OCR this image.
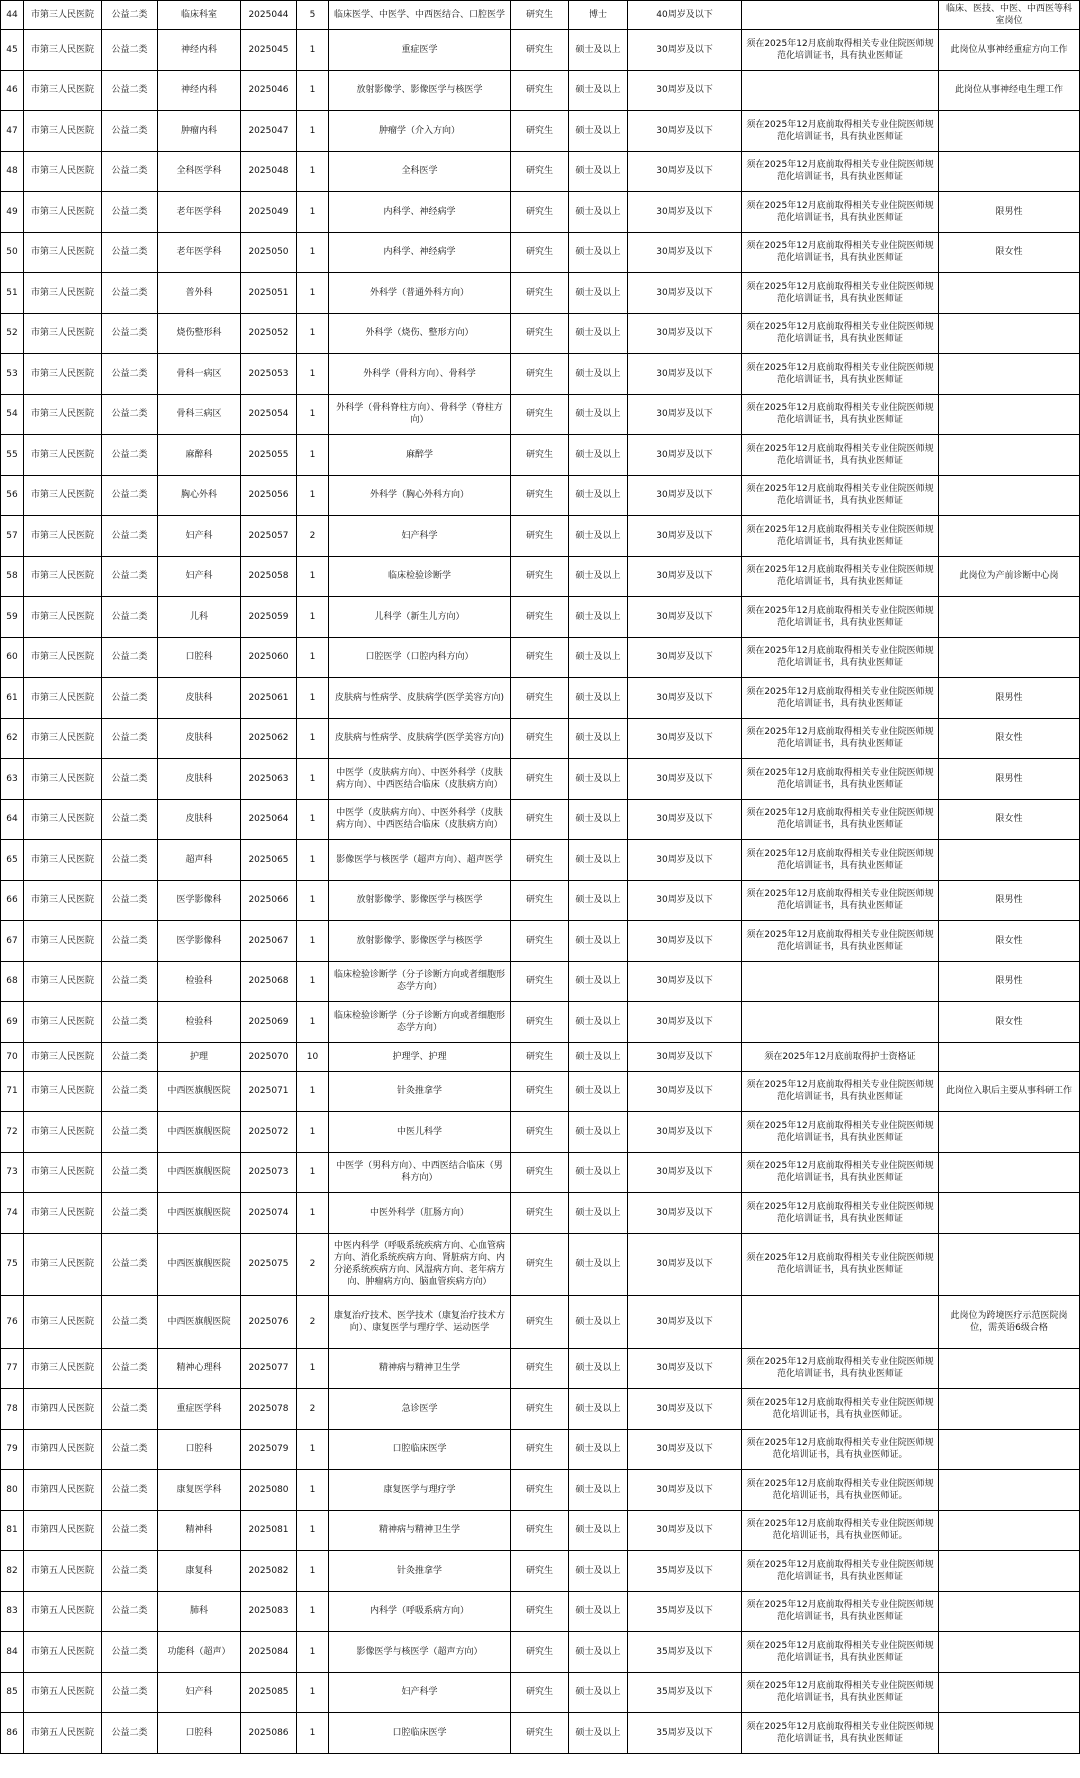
44	市第三人民医院	公益二类	临床科室	2025044	5	临床医学、中医学、中西医结合、口腔医学	研究生	博士	40周岁及以下		临床、医技、中医、中西医等科室岗位
45	市第三人民医院	公益二类	神经内科	2025045	1	重症医学	研究生	硕士及以上	30周岁及以下	须在2025年12月底前取得相关专业住院医师规范化培训证书，具有执业医师证	此岗位从事神经重症方向工作
46	市第三人民医院	公益二类	神经内科	2025046	1	放射影像学、影像医学与核医学	研究生	硕士及以上	30周岁及以下		此岗位从事神经电生理工作
47	市第三人民医院	公益二类	肿瘤内科	2025047	1	肿瘤学（介入方向）	研究生	硕士及以上	30周岁及以下	须在2025年12月底前取得相关专业住院医师规范化培训证书，具有执业医师证	
48	市第三人民医院	公益二类	全科医学科	2025048	1	全科医学	研究生	硕士及以上	30周岁及以下	须在2025年12月底前取得相关专业住院医师规范化培训证书，具有执业医师证	
49	市第三人民医院	公益二类	老年医学科	2025049	1	内科学、神经病学	研究生	硕士及以上	30周岁及以下	须在2025年12月底前取得相关专业住院医师规范化培训证书，具有执业医师证	限男性
50	市第三人民医院	公益二类	老年医学科	2025050	1	内科学、神经病学	研究生	硕士及以上	30周岁及以下	须在2025年12月底前取得相关专业住院医师规范化培训证书，具有执业医师证	限女性
51	市第三人民医院	公益二类	普外科	2025051	1	外科学（普通外科方向）	研究生	硕士及以上	30周岁及以下	须在2025年12月底前取得相关专业住院医师规范化培训证书，具有执业医师证	
52	市第三人民医院	公益二类	烧伤整形科	2025052	1	外科学（烧伤、整形方向）	研究生	硕士及以上	30周岁及以下	须在2025年12月底前取得相关专业住院医师规范化培训证书，具有执业医师证	
53	市第三人民医院	公益二类	骨科一病区	2025053	1	外科学（骨科方向）、骨科学	研究生	硕士及以上	30周岁及以下	须在2025年12月底前取得相关专业住院医师规范化培训证书，具有执业医师证	
54	市第三人民医院	公益二类	骨科三病区	2025054	1	外科学（骨科脊柱方向）、骨科学（脊柱方向）	研究生	硕士及以上	30周岁及以下	须在2025年12月底前取得相关专业住院医师规范化培训证书，具有执业医师证	
55	市第三人民医院	公益二类	麻醉科	2025055	1	麻醉学	研究生	硕士及以上	30周岁及以下	须在2025年12月底前取得相关专业住院医师规范化培训证书，具有执业医师证	
56	市第三人民医院	公益二类	胸心外科	2025056	1	外科学（胸心外科方向）	研究生	硕士及以上	30周岁及以下	须在2025年12月底前取得相关专业住院医师规范化培训证书，具有执业医师证	
57	市第三人民医院	公益二类	妇产科	2025057	2	妇产科学	研究生	硕士及以上	30周岁及以下	须在2025年12月底前取得相关专业住院医师规范化培训证书，具有执业医师证	
58	市第三人民医院	公益二类	妇产科	2025058	1	临床检验诊断学	研究生	硕士及以上	30周岁及以下	须在2025年12月底前取得相关专业住院医师规范化培训证书，具有执业医师证	此岗位为产前诊断中心岗
59	市第三人民医院	公益二类	儿科	2025059	1	儿科学（新生儿方向）	研究生	硕士及以上	30周岁及以下	须在2025年12月底前取得相关专业住院医师规范化培训证书，具有执业医师证	
60	市第三人民医院	公益二类	口腔科	2025060	1	口腔医学（口腔内科方向）	研究生	硕士及以上	30周岁及以下	须在2025年12月底前取得相关专业住院医师规范化培训证书，具有执业医师证	
61	市第三人民医院	公益二类	皮肤科	2025061	1	皮肤病与性病学、皮肤病学(医学美容方向)	研究生	硕士及以上	30周岁及以下	须在2025年12月底前取得相关专业住院医师规范化培训证书，具有执业医师证	限男性
62	市第三人民医院	公益二类	皮肤科	2025062	1	皮肤病与性病学、皮肤病学(医学美容方向)	研究生	硕士及以上	30周岁及以下	须在2025年12月底前取得相关专业住院医师规范化培训证书，具有执业医师证	限女性
63	市第三人民医院	公益二类	皮肤科	2025063	1	中医学（皮肤病方向）、中医外科学（皮肤病方向）、中西医结合临床（皮肤病方向）	研究生	硕士及以上	30周岁及以下	须在2025年12月底前取得相关专业住院医师规范化培训证书，具有执业医师证	限男性
64	市第三人民医院	公益二类	皮肤科	2025064	1	中医学（皮肤病方向）、中医外科学（皮肤病方向）、中西医结合临床（皮肤病方向）	研究生	硕士及以上	30周岁及以下	须在2025年12月底前取得相关专业住院医师规范化培训证书，具有执业医师证	限女性
65	市第三人民医院	公益二类	超声科	2025065	1	影像医学与核医学（超声方向）、超声医学	研究生	硕士及以上	30周岁及以下	须在2025年12月底前取得相关专业住院医师规范化培训证书，具有执业医师证	
66	市第三人民医院	公益二类	医学影像科	2025066	1	放射影像学、影像医学与核医学	研究生	硕士及以上	30周岁及以下	须在2025年12月底前取得相关专业住院医师规范化培训证书，具有执业医师证	限男性
67	市第三人民医院	公益二类	医学影像科	2025067	1	放射影像学、影像医学与核医学	研究生	硕士及以上	30周岁及以下	须在2025年12月底前取得相关专业住院医师规范化培训证书，具有执业医师证	限女性
68	市第三人民医院	公益二类	检验科	2025068	1	临床检验诊断学（分子诊断方向或者细胞形态学方向）	研究生	硕士及以上	30周岁及以下		限男性
69	市第三人民医院	公益二类	检验科	2025069	1	临床检验诊断学（分子诊断方向或者细胞形态学方向）	研究生	硕士及以上	30周岁及以下		限女性
70	市第三人民医院	公益二类	护理	2025070	10	护理学、护理	研究生	硕士及以上	30周岁及以下	须在2025年12月底前取得护士资格证	
71	市第三人民医院	公益二类	中西医旗舰医院	2025071	1	针灸推拿学	研究生	硕士及以上	30周岁及以下	须在2025年12月底前取得相关专业住院医师规范化培训证书，具有执业医师证	此岗位入职后主要从事科研工作
72	市第三人民医院	公益二类	中西医旗舰医院	2025072	1	中医儿科学	研究生	硕士及以上	30周岁及以下	须在2025年12月底前取得相关专业住院医师规范化培训证书，具有执业医师证	
73	市第三人民医院	公益二类	中西医旗舰医院	2025073	1	中医学（男科方向）、中西医结合临床（男科方向）	研究生	硕士及以上	30周岁及以下	须在2025年12月底前取得相关专业住院医师规范化培训证书，具有执业医师证	
74	市第三人民医院	公益二类	中西医旗舰医院	2025074	1	中医外科学（肛肠方向）	研究生	硕士及以上	30周岁及以下	须在2025年12月底前取得相关专业住院医师规范化培训证书，具有执业医师证	
75	市第三人民医院	公益二类	中西医旗舰医院	2025075	2	中医内科学（呼吸系统疾病方向、心血管病方向、消化系统疾病方向、肾脏病方向、内分泌系统疾病方向、风湿病方向、老年病方向、肿瘤病方向、脑血管疾病方向）	研究生	硕士及以上	30周岁及以下	须在2025年12月底前取得相关专业住院医师规范化培训证书，具有执业医师证	
76	市第三人民医院	公益二类	中西医旗舰医院	2025076	2	康复治疗技术、医学技术（康复治疗技术方向）、康复医学与理疗学、运动医学	研究生	硕士及以上	30周岁及以下		此岗位为跨境医疗示范医院岗位，需英语6级合格
77	市第三人民医院	公益二类	精神心理科	2025077	1	精神病与精神卫生学	研究生	硕士及以上	30周岁及以下	须在2025年12月底前取得相关专业住院医师规范化培训证书，具有执业医师证	
78	市第四人民医院	公益二类	重症医学科	2025078	2	急诊医学	研究生	硕士及以上	30周岁及以下	须在2025年12月底前取得相关专业住院医师规范化培训证书，具有执业医师证。	
79	市第四人民医院	公益二类	口腔科	2025079	1	口腔临床医学	研究生	硕士及以上	30周岁及以下	须在2025年12月底前取得相关专业住院医师规范化培训证书，具有执业医师证。	
80	市第四人民医院	公益二类	康复医学科	2025080	1	康复医学与理疗学	研究生	硕士及以上	30周岁及以下	须在2025年12月底前取得相关专业住院医师规范化培训证书，具有执业医师证。	
81	市第四人民医院	公益二类	精神科	2025081	1	精神病与精神卫生学	研究生	硕士及以上	30周岁及以下	须在2025年12月底前取得相关专业住院医师规范化培训证书，具有执业医师证。	
82	市第五人民医院	公益二类	康复科	2025082	1	针灸推拿学	研究生	硕士及以上	35周岁及以下	须在2025年12月底前取得相关专业住院医师规范化培训证书，具有执业医师证	
83	市第五人民医院	公益二类	肺科	2025083	1	内科学（呼吸系病方向）	研究生	硕士及以上	35周岁及以下	须在2025年12月底前取得相关专业住院医师规范化培训证书，具有执业医师证	
84	市第五人民医院	公益二类	功能科（超声）	2025084	1	影像医学与核医学（超声方向）	研究生	硕士及以上	35周岁及以下	须在2025年12月底前取得相关专业住院医师规范化培训证书，具有执业医师证	
85	市第五人民医院	公益二类	妇产科	2025085	1	妇产科学	研究生	硕士及以上	35周岁及以下	须在2025年12月底前取得相关专业住院医师规范化培训证书，具有执业医师证	
86	市第五人民医院	公益二类	口腔科	2025086	1	口腔临床医学	研究生	硕士及以上	35周岁及以下	须在2025年12月底前取得相关专业住院医师规范化培训证书，具有执业医师证	
